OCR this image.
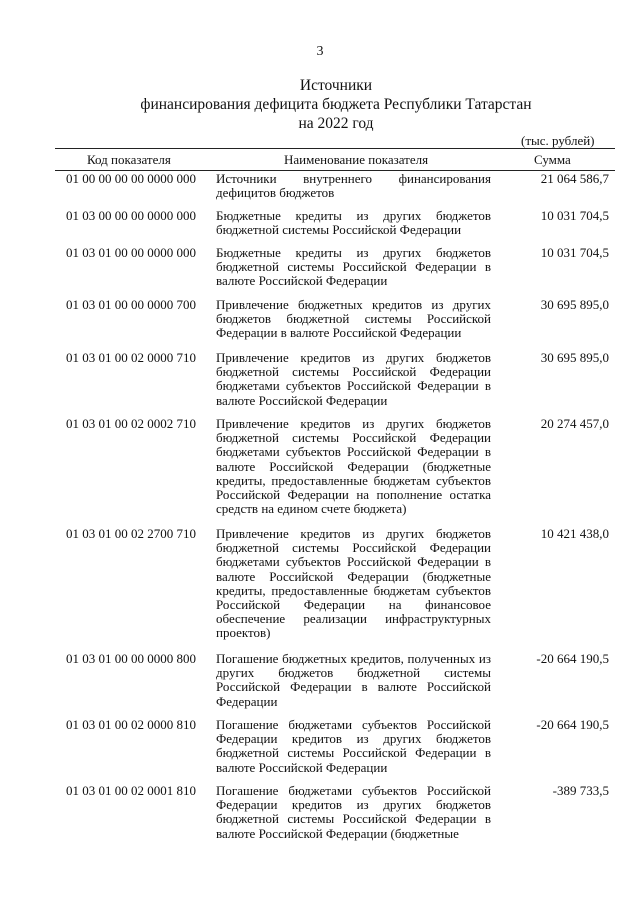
3
Источники
финансирования дефицита бюджета Республики Татарстан
на 2022 год
(тыс. рублей)
Код показателя	Наименование показателя	Сумма
01 00 00 00 00 0000 000 Источники внутреннего финансирования дефицитов бюджетов
21 064 586,7
01 03 00 00 00 0000 000 Бюджетные кредиты из других бюджетов бюджетной системы Российской Федерации
10 031 704,5
01 03 01 00 00 0000 000 Бюджетные кредиты из других бюджетов бюджетной системы Российской Федерации в валюте Российской Федерации
10 031 704,5
01 03 01 00 00 0000 700 Привлечение бюджетных кредитов из других бюджетов бюджетной системы Российской Федерации в валюте Российской Федерации
30 695 895,0
01 03 01 00 02 0000 710 Привлечение кредитов из других бюджетов бюджетной системы Российской Федерации бюджетами субъектов Российской Федерации в валюте Российской Федерации
30 695 895,0
01 03 01 00 02 0002 710 Привлечение кредитов из других бюджетов бюджетной системы Российской Федерации бюджетами субъектов Российской Федерации в валюте Российской Федерации (бюджетные кредиты, предоставленные бюджетам субъектов Российской Федерации на пополнение остатка средств на едином счете бюджета)
20 274 457,0
01 03 01 00 02 2700 710 Привлечение кредитов из других бюджетов бюджетной системы Российской Федерации бюджетами субъектов Российской Федерации в валюте Российской Федерации (бюджетные кредиты, предоставленные бюджетам субъектов Российской Федерации на финансовое обеспечение реализации инфраструктурных проектов)
10 421 438,0
01 03 01 00 00 0000 800 Погашение бюджетных кредитов, полученных из других бюджетов бюджетной системы Российской Федерации в валюте Российской Федерации
-20 664 190,5
01 03 01 00 02 0000 810 Погашение бюджетами субъектов Российской Федерации кредитов из других бюджетов бюджетной системы Российской Федерации в валюте Российской Федерации
-20 664 190,5
01 03 01 00 02 0001 810 Погашение бюджетами субъектов Российской Федерации кредитов из других бюджетов бюджетной системы Российской Федерации в валюте Российской Федерации (бюджетные
-389 733,5
